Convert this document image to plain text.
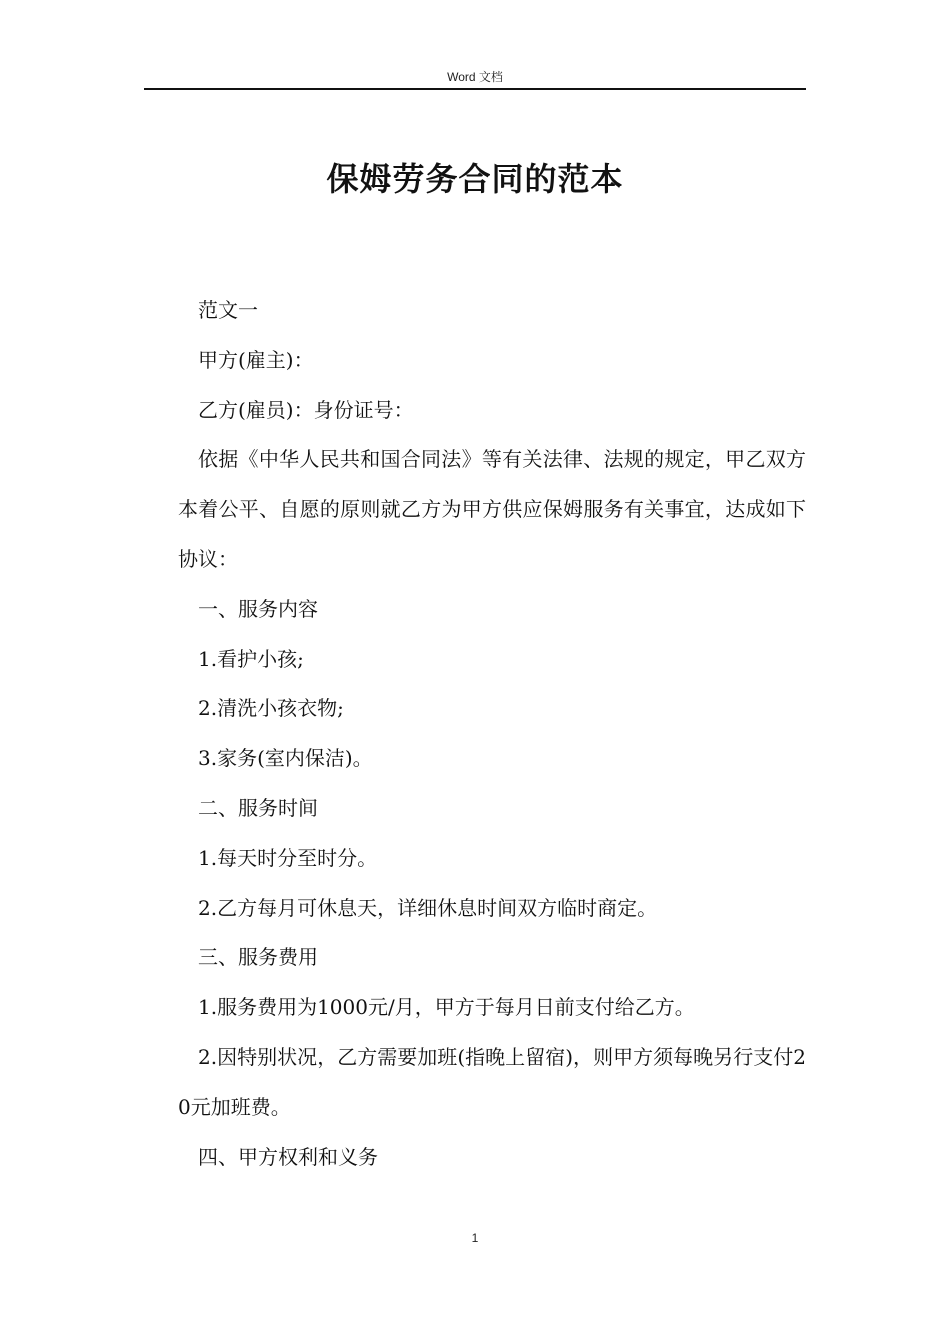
Word 文档
保姆劳务合同的范本

范文一

甲方(雇主)：

乙方(雇员)：身份证号：

依据《中华人民共和国合同法》等有关法律、法规的规定，甲乙双方本着公平、自愿的原则就乙方为甲方供应保姆服务有关事宜，达成如下协议：

一、服务内容

1.看护小孩;

2.清洗小孩衣物;

3.家务(室内保洁)。

二、服务时间

1.每天时分至时分。

2.乙方每月可休息天，详细休息时间双方临时商定。

三、服务费用

1.服务费用为1000元/月，甲方于每月日前支付给乙方。

2.因特别状况，乙方需要加班(指晚上留宿)，则甲方须每晚另行支付20元加班费。

四、甲方权利和义务

1
